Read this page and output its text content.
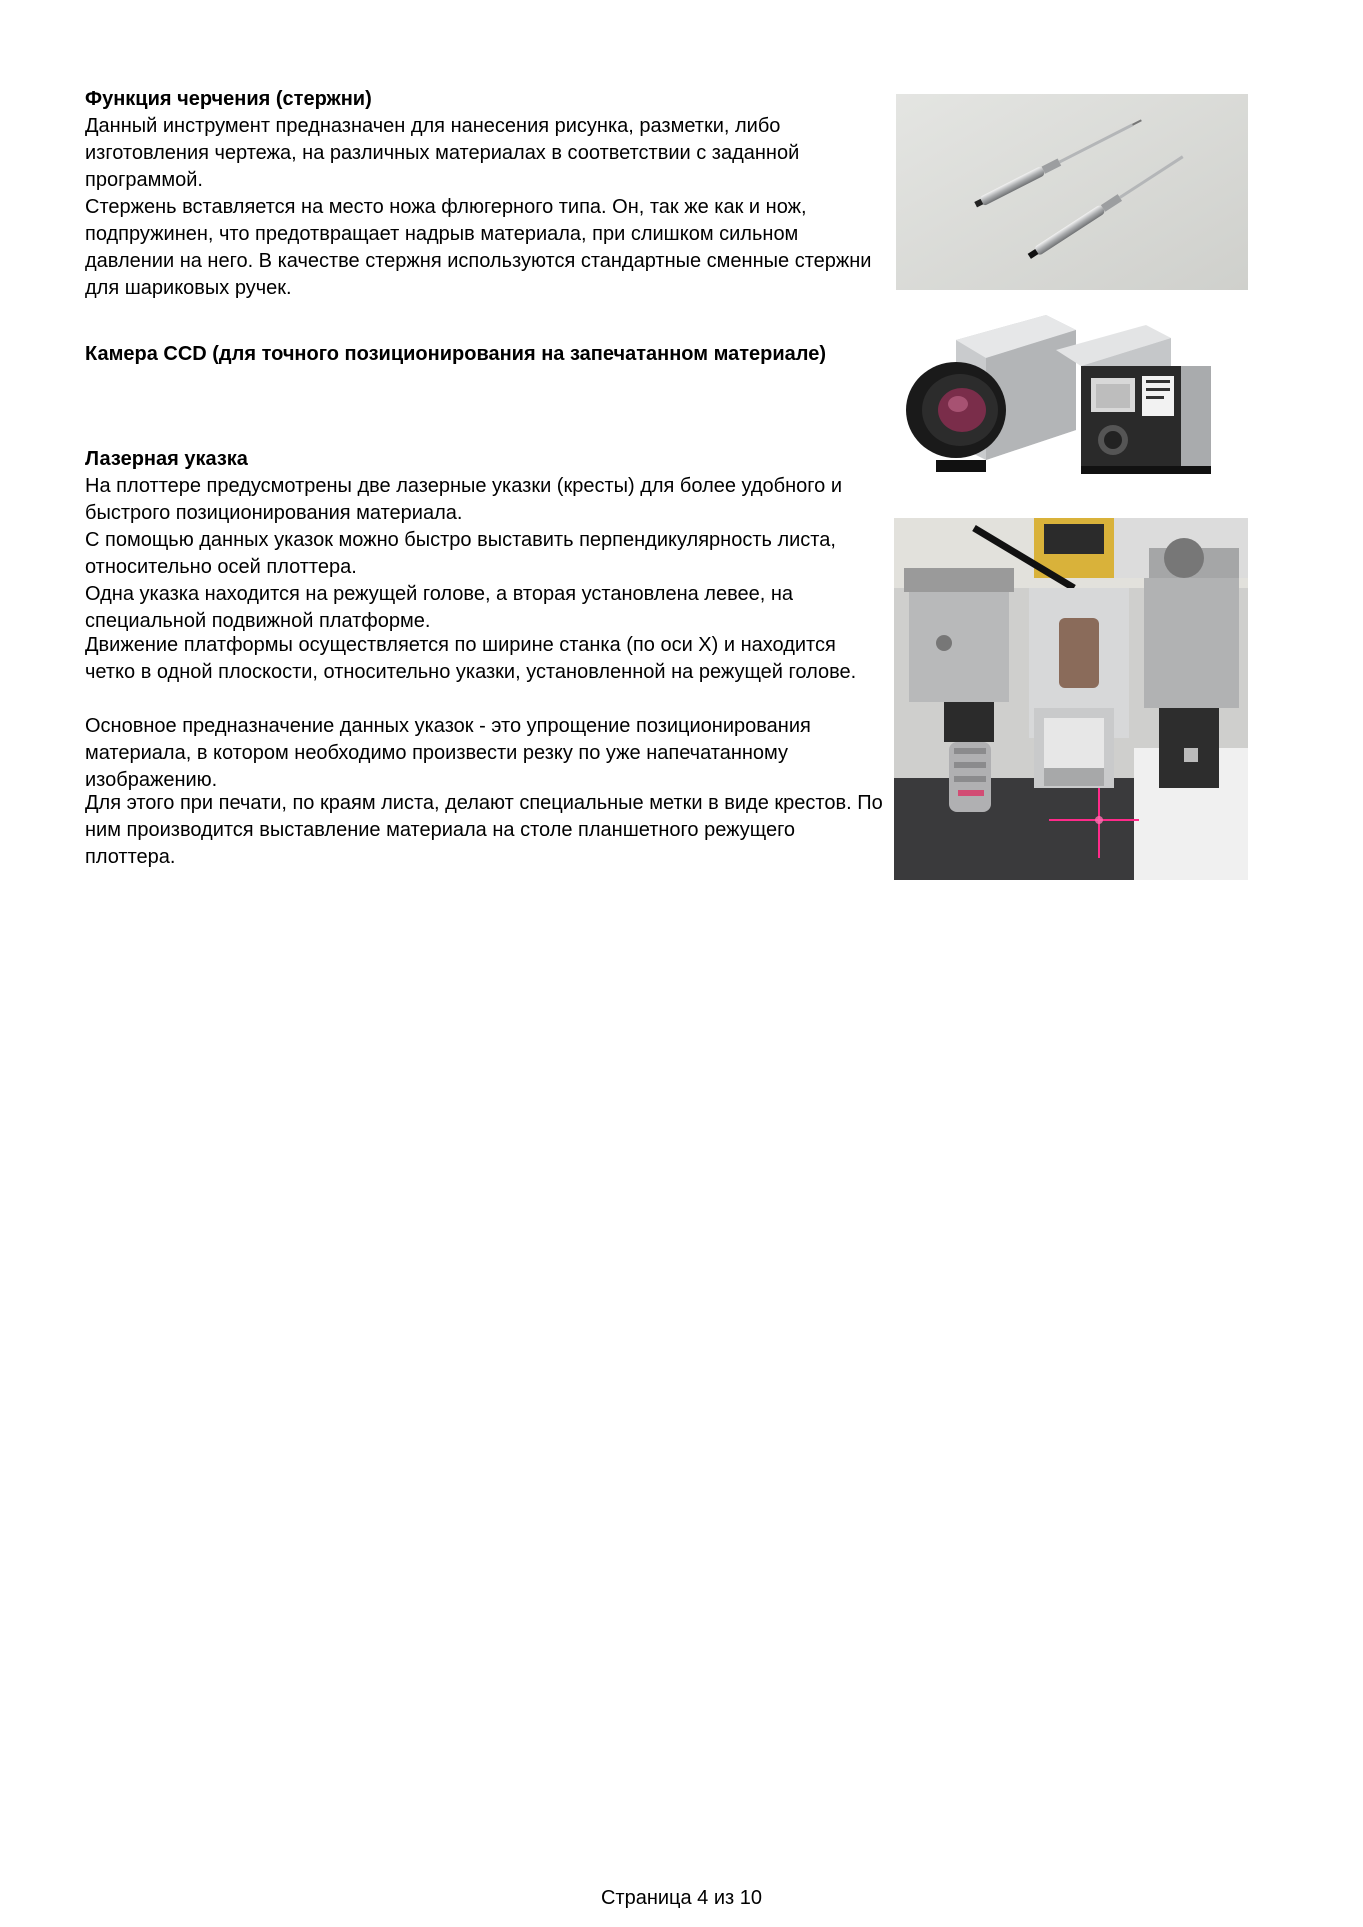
Функция черчения (стержни)

Данный инструмент предназначен для нанесения рисунка, разметки, либо изготовления чертежа, на различных материалах в соответствии с заданной программой.
Стержень вставляется на место ножа флюгерного типа. Он, так же как и нож, подпружинен, что предотвращает надрыв материала, при слишком сильном давлении на него. В качестве стержня используются стандартные сменные стержни для шариковых ручек.

Камера CCD (для точного позиционирования на запечатанном материале)

Лазерная указка

На плоттере предусмотрены две лазерные указки (кресты) для более удобного и быстрого позиционирования материала.

С помощью данных указок можно быстро выставить перпендикулярность листа, относительно осей плоттера.

Одна указка находится на режущей голове, а вторая установлена левее, на специальной подвижной платформе.

Движение платформы осуществляется по ширине станка (по оси X) и находится четко в одной плоскости, относительно указки, установленной на режущей голове.

Основное предназначение данных указок - это упрощение позиционирования материала, в котором необходимо произвести резку по уже напечатанному изображению.

Для этого при печати, по краям листа, делают специальные метки в виде крестов. По ним производится выставление материала на столе планшетного режущего плоттера.

Страница 4 из 10
